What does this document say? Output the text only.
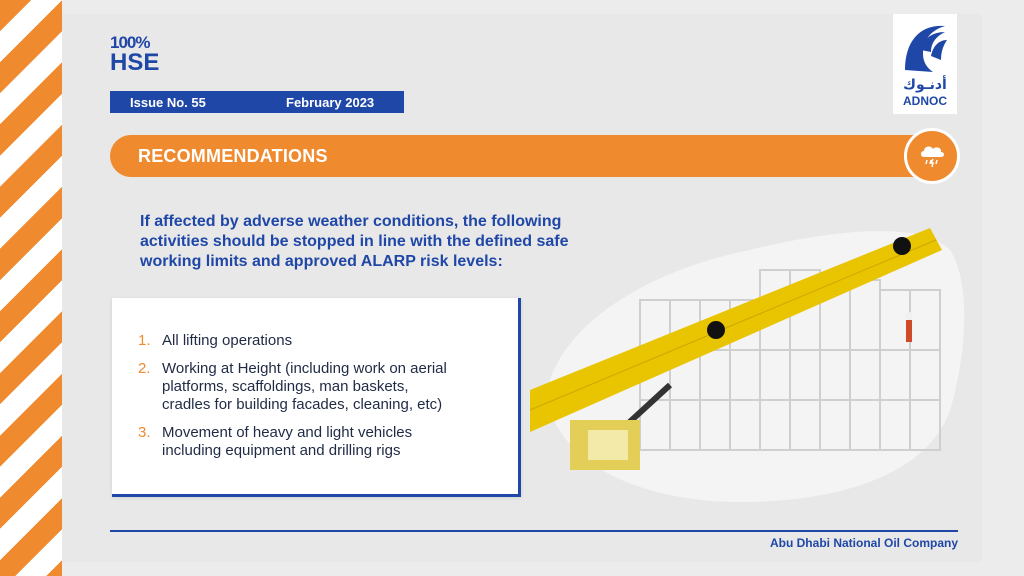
100%
HSE
Issue No. 55	February 2023
أدنـوك
ADNOC
RECOMMENDATIONS
If affected by adverse weather conditions, the following
activities should be stopped in line with the defined safe
working limits and approved ALARP risk levels:
1. All lifting operations
2. Working at Height (including work on aerial
platforms, scaffoldings, man baskets,
cradles for building facades, cleaning, etc)
3. Movement of heavy and light vehicles
including equipment and drilling rigs
Abu Dhabi National Oil Company
